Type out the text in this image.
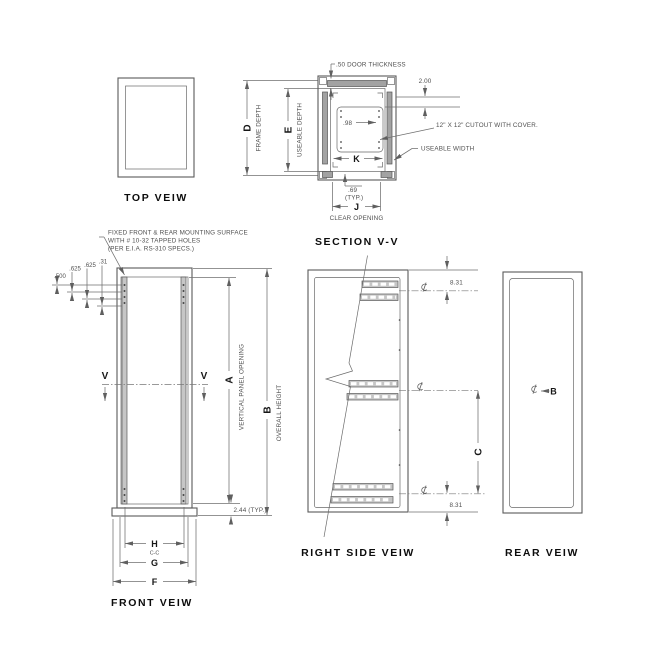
TOP VEIW
D FRAME DEPTH E USEABLE DEPTH
.50 DOOR THICKNESS
2.00
.98	12" X 12" CUTOUT WITH COVER.
USEABLE WIDTH
K
.69
(TYP.)
J
CLEAR OPENING
SECTION V-V
FIXED FRONT & REAR MOUNTING SURFACE
WITH # 10-32 TAPPED HOLES
(PER E.I.A. RS-310 SPECS.)
.500
.625
.625
.31
V	V A VERTICAL PANEL OPENING B OVERALL HEIGHT
2.44 (TYP.)
H
C-C
G
F
FRONT VEIW
8.31
C
8.31
RIGHT SIDE VEIW
B
REAR VEIW
